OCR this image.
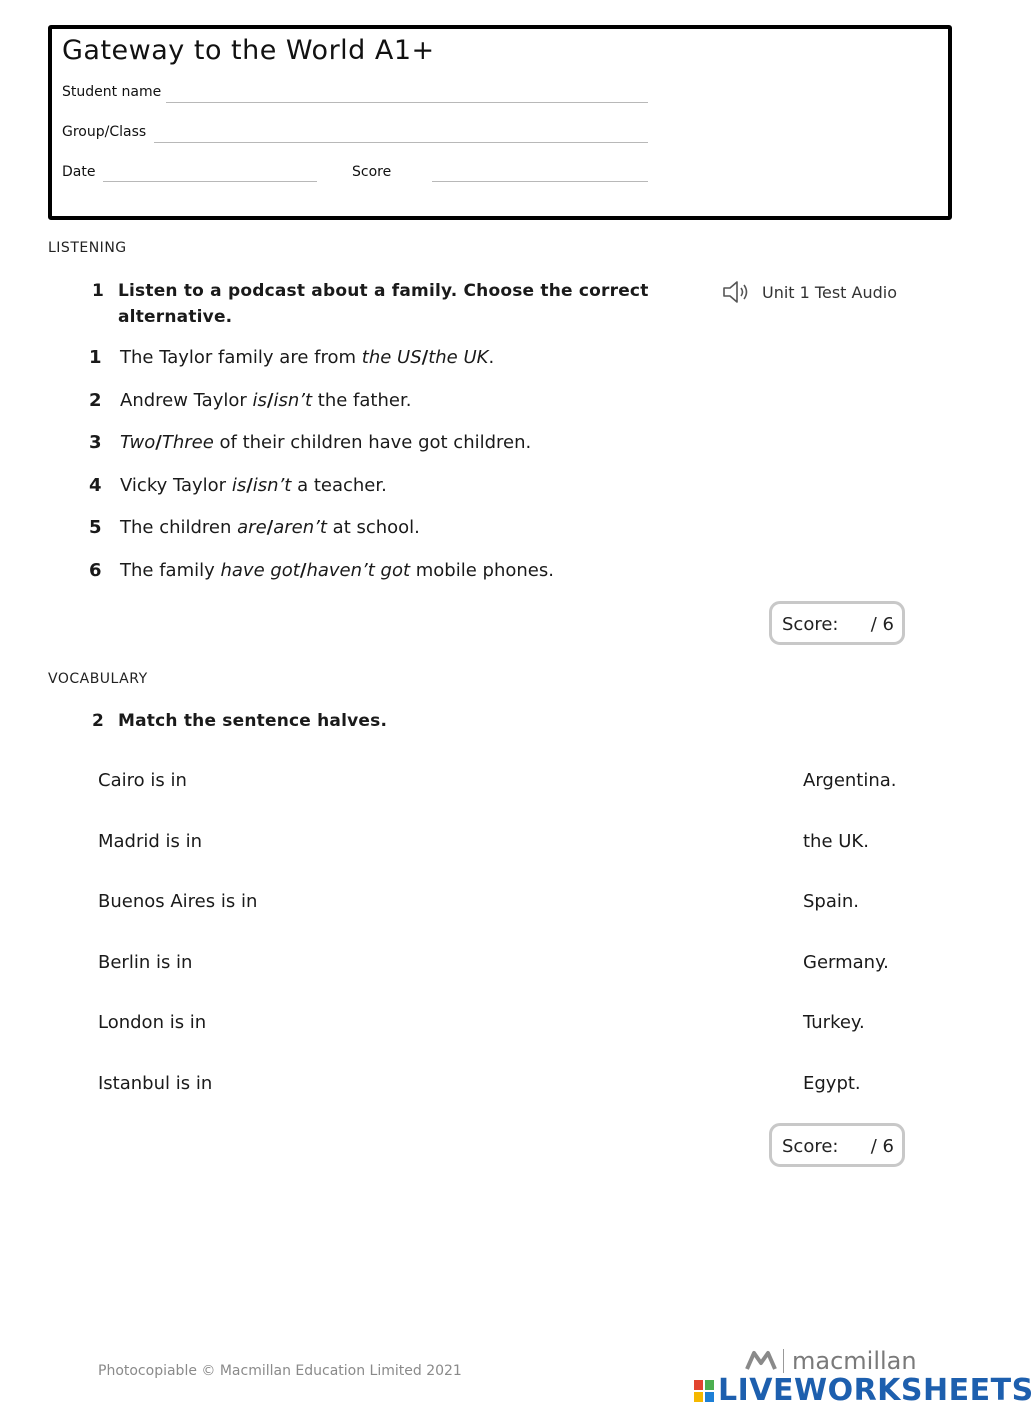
Gateway to the World A1+
Student name
Group/Class
Date	Score
LISTENING
1 Listen to a podcast about a family. Choose the correct alternative.
Unit 1 Test Audio
1 The Taylor family are from the US/the UK.
2 Andrew Taylor is/isn’t the father.
3 Two/Three of their children have got children.
4 Vicky Taylor is/isn’t a teacher.
5 The children are/aren’t at school.
6 The family have got/haven’t got mobile phones.
Score: / 6
VOCABULARY
2 Match the sentence halves.
Cairo is in
Madrid is in
Buenos Aires is in
Berlin is in
London is in
Istanbul is in
Argentina.
the UK.
Spain.
Germany.
Turkey.
Egypt.
Score: / 6
Photocopiable © Macmillan Education Limited 2021	macmillan
LIVEWORKSHEETS
